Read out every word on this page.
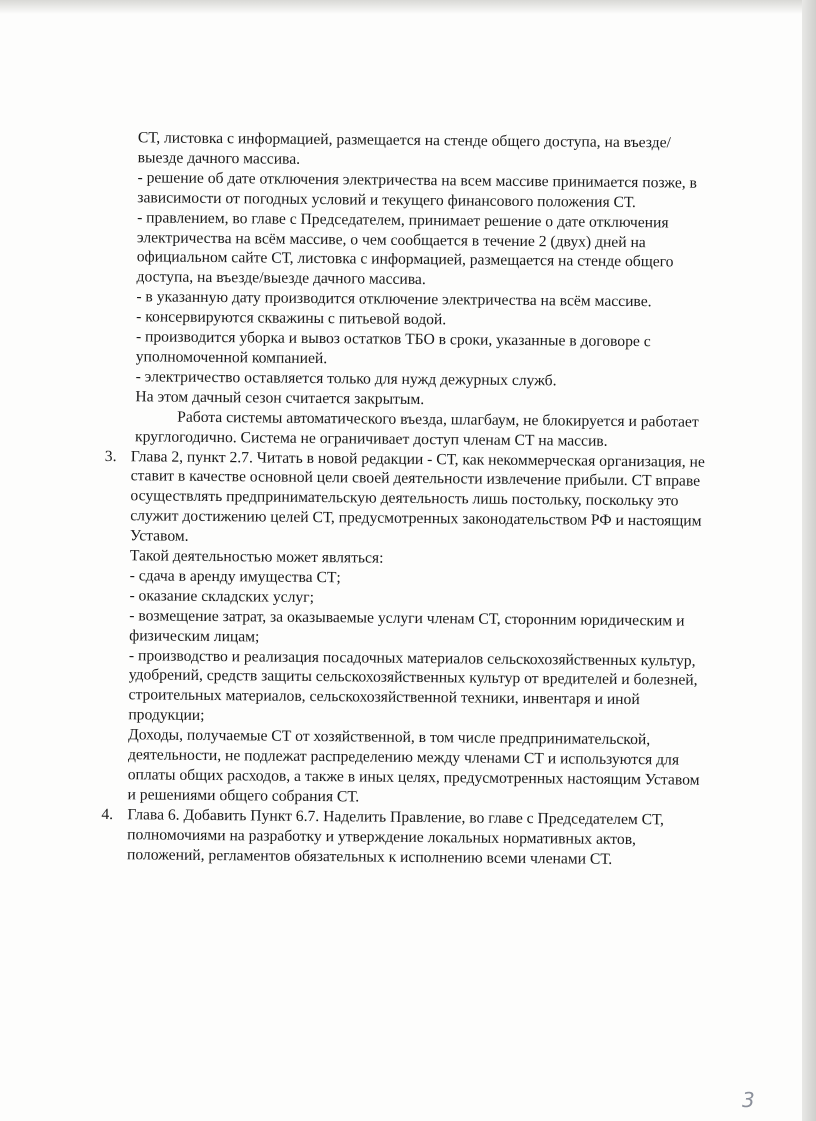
СТ, листовка с информацией, размещается на стенде общего доступа, на въезде/выезде дачного массива.

- решение об дате отключения электричества на всем массиве принимается позже, в зависимости от погодных условий и текущего финансового положения СТ.

- правлением, во главе с Председателем, принимает решение о дате отключения электричества на всём массиве, о чем сообщается в течение 2 (двух) дней на официальном сайте СТ, листовка с информацией, размещается на стенде общего доступа, на въезде/выезде дачного массива.

- в указанную дату производится отключение электричества на всём массиве.

- консервируются скважины с питьевой водой.

- производится уборка и вывоз остатков ТБО в сроки, указанные в договоре с уполномоченной компанией.

- электричество оставляется только для нужд дежурных служб.

На этом дачный сезон считается закрытым.

Работа системы автоматического въезда, шлагбаум, не блокируется и работает круглогодично. Система не ограничивает доступ членам СТ на массив.

3. Глава 2, пункт 2.7. Читать в новой редакции - СТ, как некоммерческая организация, не ставит в качестве основной цели своей деятельности извлечение прибыли. СТ вправе осуществлять предпринимательскую деятельность лишь постольку, поскольку это служит достижению целей СТ, предусмотренных законодательством РФ и настоящим Уставом.

Такой деятельностью может являться:

- сдача в аренду имущества СТ;

- оказание складских услуг;

- возмещение затрат, за оказываемые услуги членам СТ, сторонним юридическим и физическим лицам;

- производство и реализация посадочных материалов сельскохозяйственных культур, удобрений, средств защиты сельскохозяйственных культур от вредителей и болезней, строительных материалов, сельскохозяйственной техники, инвентаря и иной продукции;

Доходы, получаемые СТ от хозяйственной, в том числе предпринимательской, деятельности, не подлежат распределению между членами СТ и используются для оплаты общих расходов, а также в иных целях, предусмотренных настоящим Уставом и решениями общего собрания СТ.

4. Глава 6. Добавить Пункт 6.7. Наделить Правление, во главе с Председателем СТ, полномочиями на разработку и утверждение локальных нормативных актов, положений, регламентов обязательных к исполнению всеми членами СТ.

3
